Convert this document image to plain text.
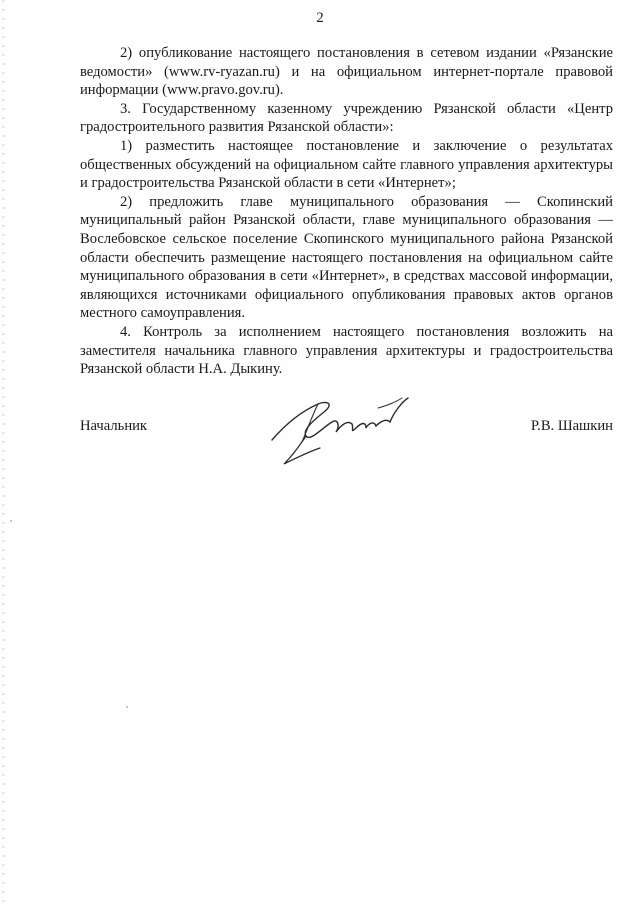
2

2) опубликование настоящего постановления в сетевом издании «Рязанские ведомости» (www.rv-ryazan.ru) и на официальном интернет-портале правовой информации (www.pravo.gov.ru).

3. Государственному казенному учреждению Рязанской области «Центр градостроительного развития Рязанской области»:

1) разместить настоящее постановление и заключение о результатах общественных обсуждений на официальном сайте главного управления архитектуры и градостроительства Рязанской области в сети «Интернет»;

2) предложить главе муниципального образования — Скопинский муниципальный район Рязанской области, главе муниципального образования — Вослебовское сельское поселение Скопинского муниципального района Рязанской области обеспечить размещение настоящего постановления на официальном сайте муниципального образования в сети «Интернет», в средствах массовой информации, являющихся источниками официального опубликования правовых актов органов местного самоуправления.

4. Контроль за исполнением настоящего постановления возложить на заместителя начальника главного управления архитектуры и градостроительства Рязанской области Н.А. Дыкину.

Начальник	Р.В. Шашкин
